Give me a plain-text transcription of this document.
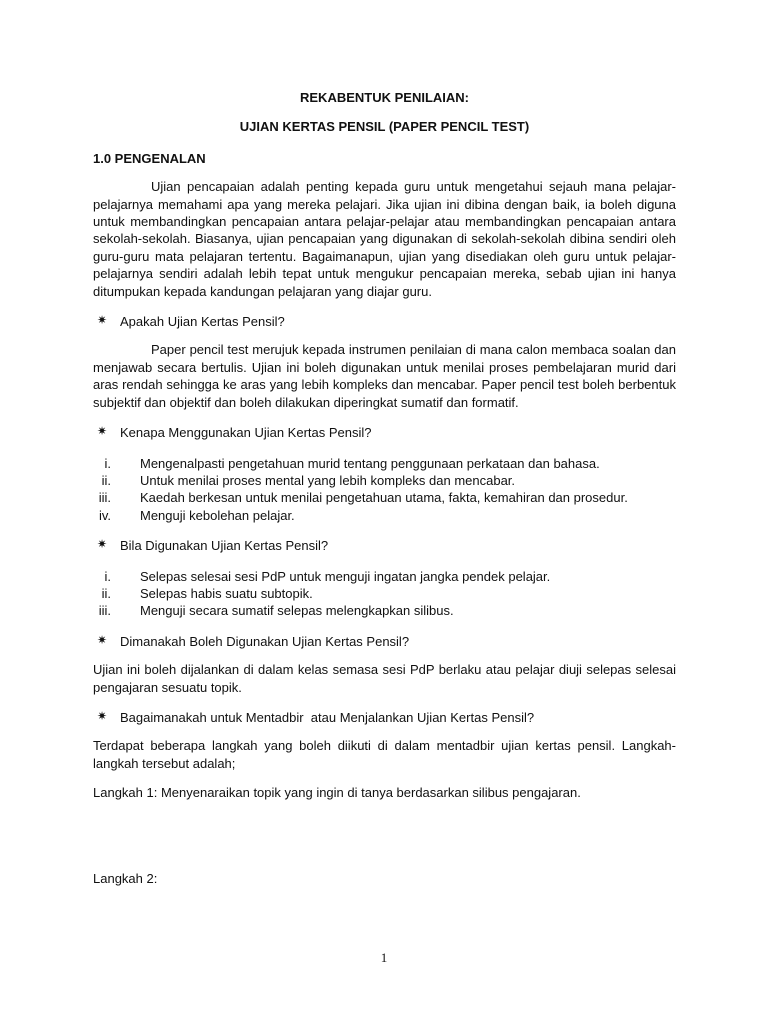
REKABENTUK PENILAIAN:

UJIAN KERTAS PENSIL (PAPER PENCIL TEST)

1.0 PENGENALAN

Ujian pencapaian adalah penting kepada guru untuk mengetahui sejauh mana pelajar-pelajarnya memahami apa yang mereka pelajari. Jika ujian ini dibina dengan baik, ia boleh diguna untuk membandingkan pencapaian antara pelajar-pelajar atau membandingkan pencapaian antara sekolah-sekolah. Biasanya, ujian pencapaian yang digunakan di sekolah-sekolah dibina sendiri oleh guru-guru mata pelajaran tertentu. Bagaimanapun, ujian yang disediakan oleh guru untuk pelajar-pelajarnya sendiri adalah lebih tepat untuk mengukur pencapaian mereka, sebab ujian ini hanya ditumpukan kepada kandungan pelajaran yang diajar guru.

✷ Apakah Ujian Kertas Pensil?

Paper pencil test merujuk kepada instrumen penilaian di mana calon membaca soalan dan menjawab secara bertulis. Ujian ini boleh digunakan untuk menilai proses pembelajaran murid dari aras rendah sehingga ke aras yang lebih kompleks dan mencabar. Paper pencil test boleh berbentuk subjektif dan objektif dan boleh dilakukan diperingkat sumatif dan formatif.

✷ Kenapa Menggunakan Ujian Kertas Pensil?
i. Mengenalpasti pengetahuan murid tentang penggunaan perkataan dan bahasa.
ii. Untuk menilai proses mental yang lebih kompleks dan mencabar.
iii. Kaedah berkesan untuk menilai pengetahuan utama, fakta, kemahiran dan prosedur.
iv. Menguji kebolehan pelajar.
✷ Bila Digunakan Ujian Kertas Pensil?
i. Selepas selesai sesi PdP untuk menguji ingatan jangka pendek pelajar.
ii. Selepas habis suatu subtopik.
iii. Menguji secara sumatif selepas melengkapkan silibus.
✷ Dimanakah Boleh Digunakan Ujian Kertas Pensil?

Ujian ini boleh dijalankan di dalam kelas semasa sesi PdP berlaku atau pelajar diuji selepas selesai pengajaran sesuatu topik.

✷ Bagaimanakah untuk Mentadbir  atau Menjalankan Ujian Kertas Pensil?

Terdapat beberapa langkah yang boleh diikuti di dalam mentadbir ujian kertas pensil. Langkah-langkah tersebut adalah;

Langkah 1: Menyenaraikan topik yang ingin di tanya berdasarkan silibus pengajaran.

Langkah 2:

1
